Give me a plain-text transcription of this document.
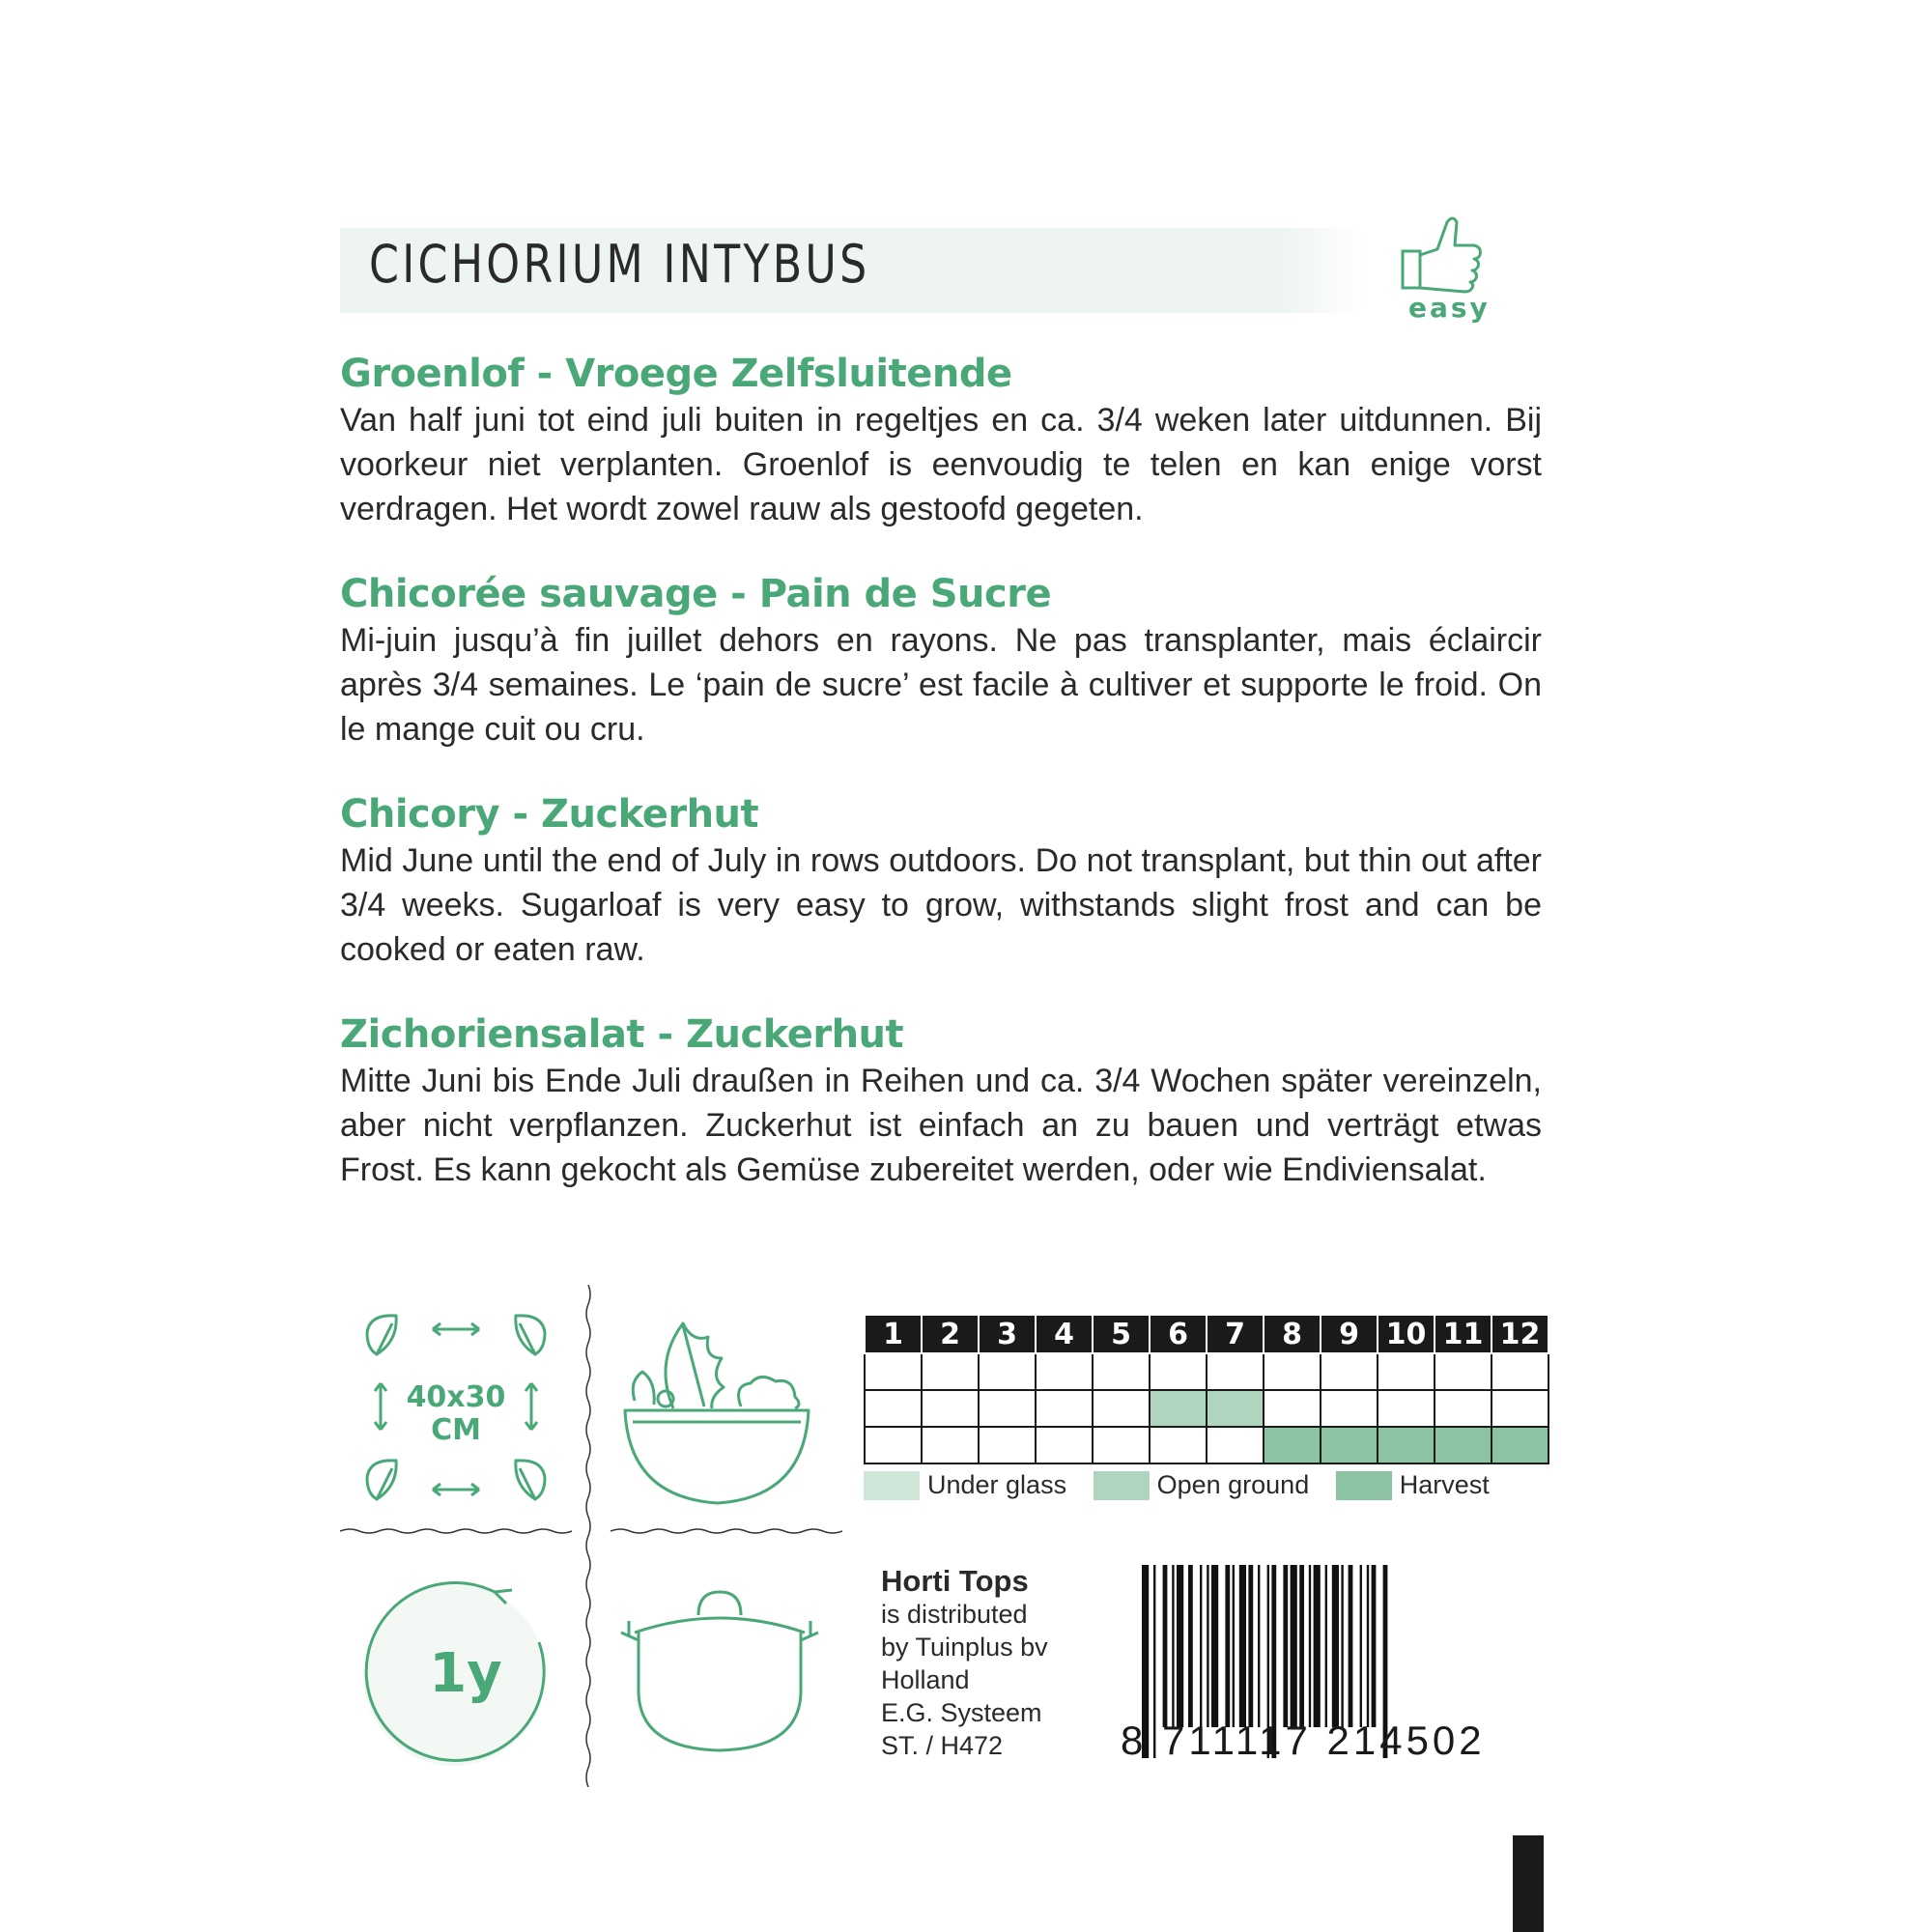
CICHORIUM INTYBUS
easy
Groenlof - Vroege Zelfsluitende

Van half juni tot eind juli buiten in regeltjes en ca. 3/4 weken later uitdunnen. Bij voorkeur niet verplanten. Groenlof is eenvoudig te telen en kan enige vorst verdragen. Het wordt zowel rauw als gestoofd gegeten.

Chicorée sauvage - Pain de Sucre

Mi-juin jusqu’à fin juillet dehors en rayons. Ne pas transplanter, mais éclaircir après 3/4 semaines. Le ‘pain de sucre’ est facile à cultiver et supporte le froid. On le mange cuit ou cru.

Chicory - Zuckerhut

Mid June until the end of July in rows outdoors. Do not transplant, but thin out after 3/4 weeks. Sugarloaf is very easy to grow, withstands slight frost and can be cooked or eaten raw.

Zichoriensalat - Zuckerhut

Mitte Juni bis Ende Juli draußen in Reihen und ca. 3/4 Wochen später vereinzeln, aber nicht verpflanzen. Zuckerhut ist einfach an zu bauen und verträgt etwas Frost. Es kann gekocht als Gemüse zubereitet werden, oder wie Endiviensalat.

40x30
CM
1y
1	2	3	4	5	6	7	8	9	10	11	12

Under glass
	Open ground
	Harvest
Horti Tops
is distributed
by Tuinplus bv
Holland
E.G. Systeem
ST. / H472	8 711117 214502
